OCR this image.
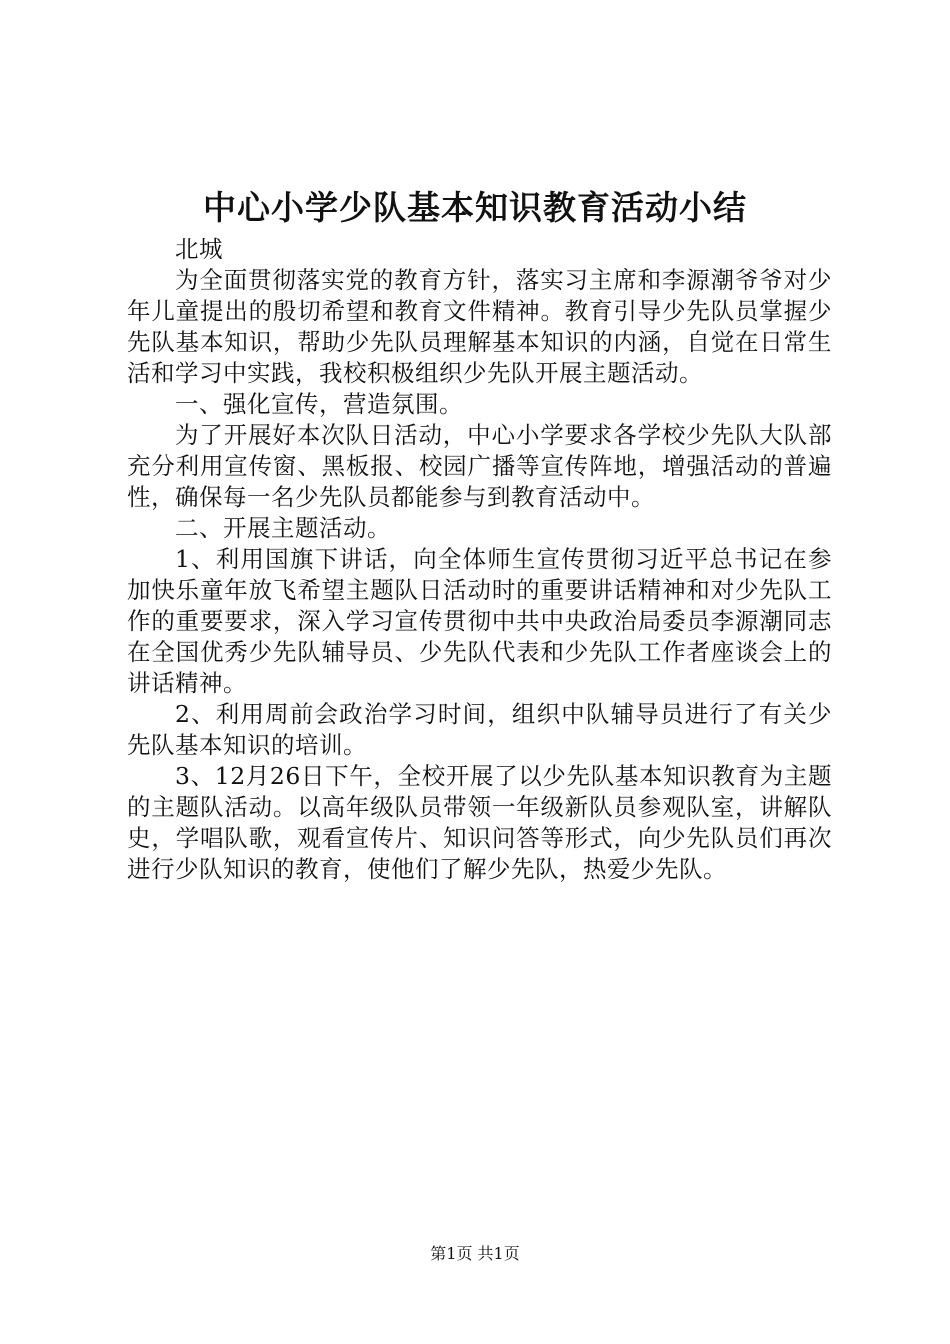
中心小学少队基本知识教育活动小结

北城

为全面贯彻落实党的教育方针，落实习主席和李源潮爷爷对少年儿童提出的殷切希望和教育文件精神。教育引导少先队员掌握少先队基本知识，帮助少先队员理解基本知识的内涵，自觉在日常生活和学习中实践，我校积极组织少先队开展主题活动。

一、强化宣传，营造氛围。

为了开展好本次队日活动，中心小学要求各学校少先队大队部充分利用宣传窗、黑板报、校园广播等宣传阵地，增强活动的普遍性，确保每一名少先队员都能参与到教育活动中。

二、开展主题活动。

1、利用国旗下讲话，向全体师生宣传贯彻习近平总书记在参加快乐童年放飞希望主题队日活动时的重要讲话精神和对少先队工作的重要要求，深入学习宣传贯彻中共中央政治局委员李源潮同志在全国优秀少先队辅导员、少先队代表和少先队工作者座谈会上的讲话精神。

2、利用周前会政治学习时间，组织中队辅导员进行了有关少先队基本知识的培训。

3、12月26日下午，全校开展了以少先队基本知识教育为主题的主题队活动。以高年级队员带领一年级新队员参观队室，讲解队史，学唱队歌，观看宣传片、知识问答等形式，向少先队员们再次进行少队知识的教育，使他们了解少先队，热爱少先队。

第1页 共1页
